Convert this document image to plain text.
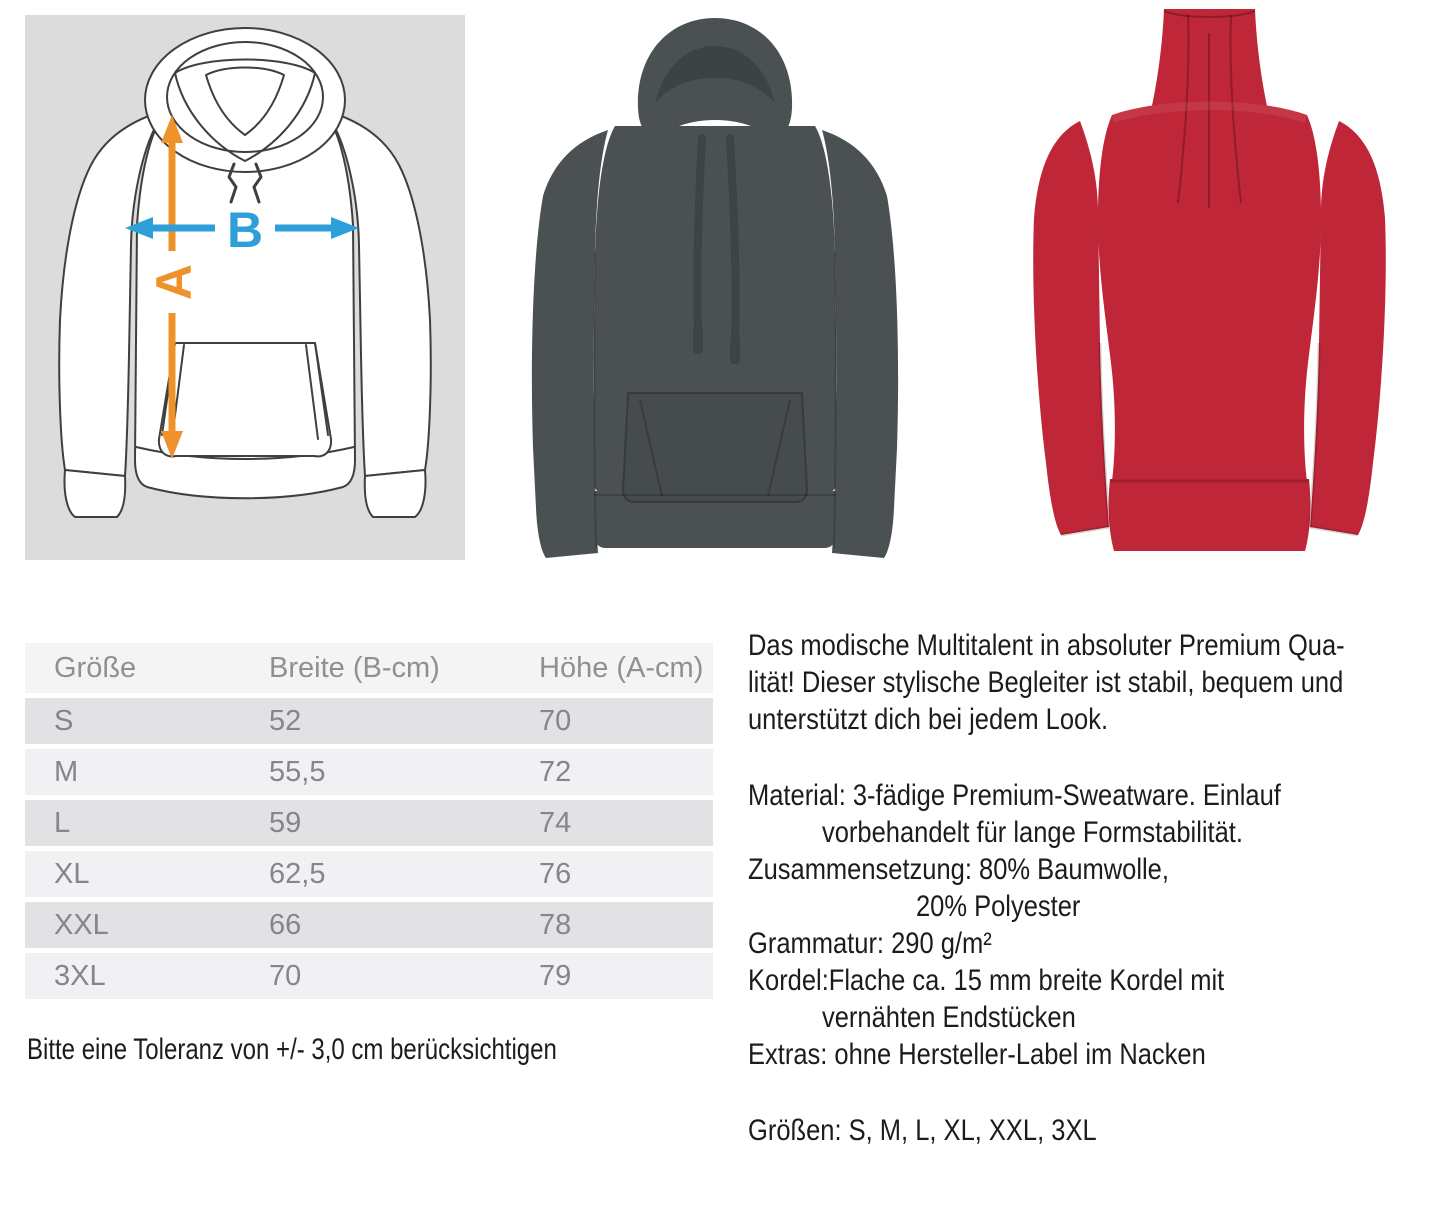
A
B
Größe	Breite (B-cm)	Höhe (A-cm)
S	52	70
M	55,5	72
L	59	74
XL	62,5	76
XXL	66	78
3XL	70	79
Bitte eine Toleranz von +/- 3,0 cm berücksichtigen
Das modische Multitalent in absoluter Premium Qua-
lität! Dieser stylische Begleiter ist stabil, bequem und
unterstützt dich bei jedem Look.
Material: 3-fädige Premium-Sweatware. Einlauf
vorbehandelt für lange Formstabilität.
Zusammensetzung: 80% Baumwolle,
20% Polyester
Grammatur: 290 g/m²
Kordel:Flache ca. 15 mm breite Kordel mit
vernähten Endstücken
Extras: ohne Hersteller-Label im Nacken
Größen: S, M, L, XL, XXL, 3XL
